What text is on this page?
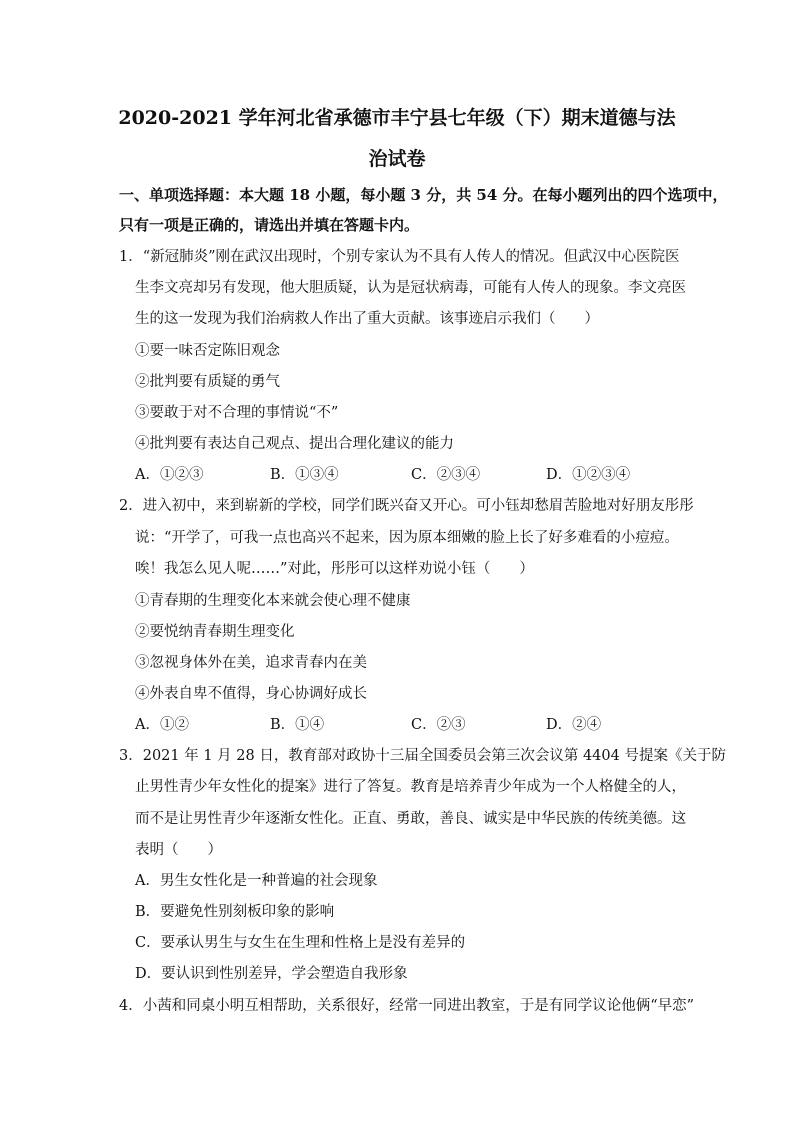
2020-2021 学年河北省承德市丰宁县七年级（下）期末道德与法
治试卷
一、单项选择题：本大题 18 小题，每小题 3 分，共 54 分。在每小题列出的四个选项中，
只有一项是正确的，请选出并填在答题卡内。
1．“新冠肺炎”刚在武汉出现时，个别专家认为不具有人传人的情况。但武汉中心医院医
生李文亮却另有发现，他大胆质疑，认为是冠状病毒，可能有人传人的现象。李文亮医
生的这一发现为我们治病救人作出了重大贡献。该事迹启示我们（　　）
①要一味否定陈旧观念
②批判要有质疑的勇气
③要敢于对不合理的事情说“不”
④批判要有表达自己观点、提出合理化建议的能力
A．①②③	B．①③④	C．②③④	D．①②③④
2．进入初中，来到崭新的学校，同学们既兴奋又开心。可小钰却愁眉苦脸地对好朋友彤彤
说：“开学了，可我一点也高兴不起来，因为原本细嫩的脸上长了好多难看的小痘痘。
唉！我怎么见人呢……”对此，彤彤可以这样劝说小钰（　　）
①青春期的生理变化本来就会使心理不健康
②要悦纳青春期生理变化
③忽视身体外在美，追求青春内在美
④外表自卑不值得，身心协调好成长
A．①②	B．①④	C．②③	D．②④
3．2021 年 1 月 28 日，教育部对政协十三届全国委员会第三次会议第 4404 号提案《关于防
止男性青少年女性化的提案》进行了答复。教育是培养青少年成为一个人格健全的人，
而不是让男性青少年逐渐女性化。正直、勇敢，善良、诚实是中华民族的传统美德。这
表明（　　）
A．男生女性化是一种普遍的社会现象
B．要避免性别刻板印象的影响
C．要承认男生与女生在生理和性格上是没有差异的
D．要认识到性别差异，学会塑造自我形象
4．小茜和同桌小明互相帮助，关系很好，经常一同进出教室，于是有同学议论他俩“早恋”
